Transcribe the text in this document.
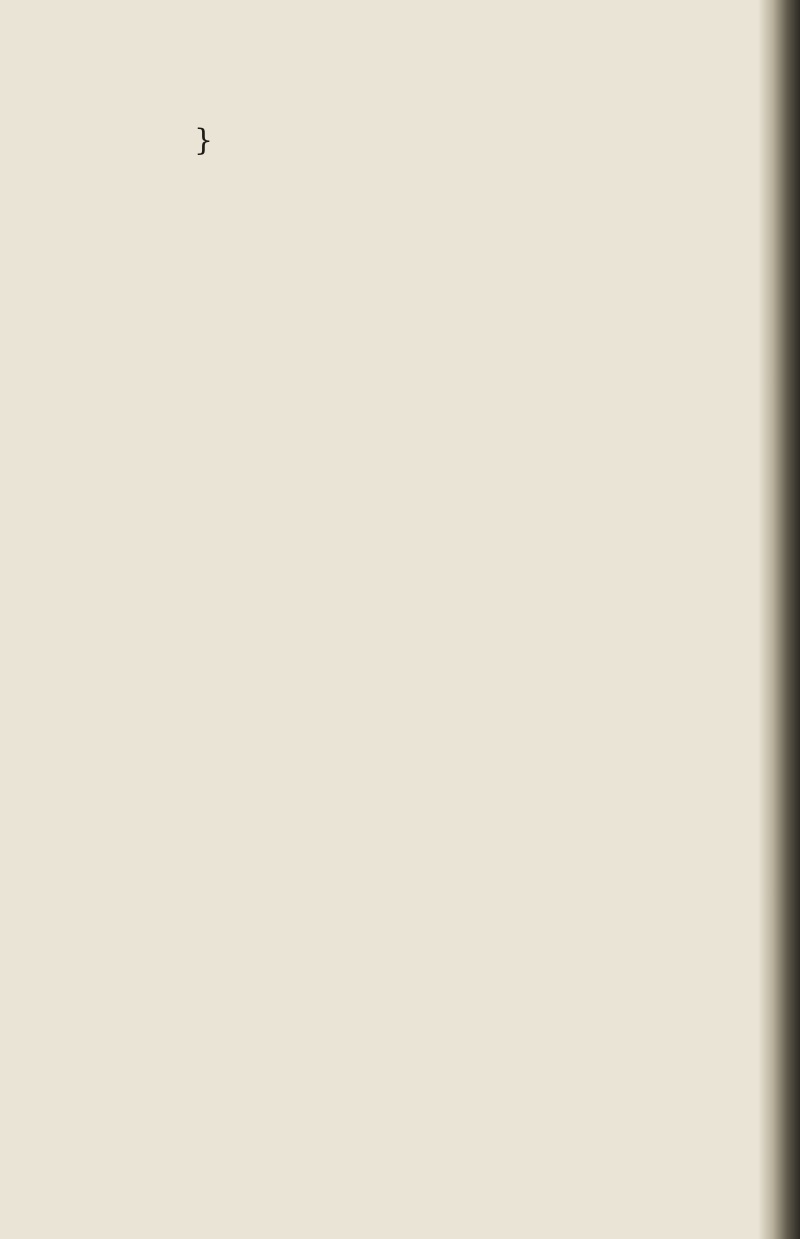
}
